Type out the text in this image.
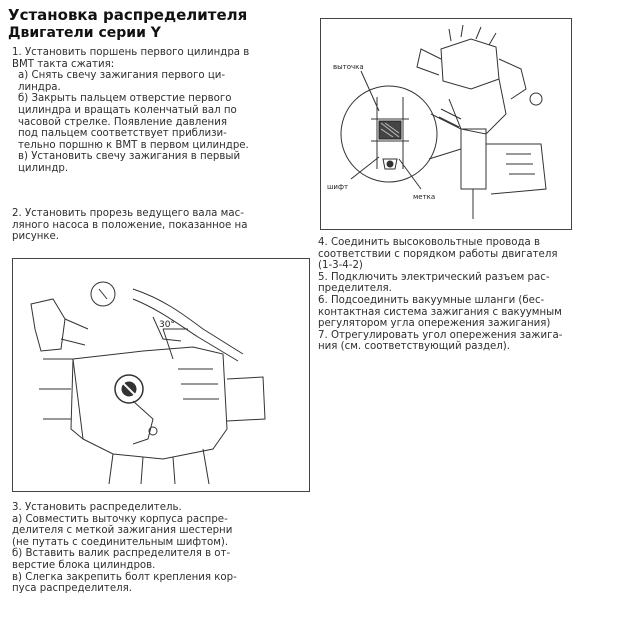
Установка распределителя
Двигатели серии Y
1. Установить поршень первого цилиндра в
ВМТ такта сжатия:
а) Снять свечу зажигания первого ци-
линдра.
б) Закрыть пальцем отверстие первого
цилиндра и вращать коленчатый вал по
часовой стрелке. Появление давления
под пальцем соответствует приблизи-
тельно поршню к ВМТ в первом цилиндре.
в) Установить свечу зажигания в первый
цилиндр.
2. Установить прорезь ведущего вала мас-
ляного насоса в положение, показанное на
рисунке.
выточка
шифт
метка
30°
4. Соединить высоковольтные провода в
соответствии с порядком работы двигателя
(1-3-4-2)
5. Подключить электрический разъем рас-
пределителя.
6. Подсоединить вакуумные шланги (бес-
контактная система зажигания с вакуумным
регулятором угла опережения зажигания)
7. Отрегулировать угол опережения зажига-
ния (см. соответствующий раздел).
3. Установить распределитель.
а) Совместить выточку корпуса распре-
делителя с меткой зажигания шестерни
(не путать с соединительным шифтом).
б) Вставить валик распределителя в от-
верстие блока цилиндров.
в) Слегка закрепить болт крепления кор-
пуса распределителя.
